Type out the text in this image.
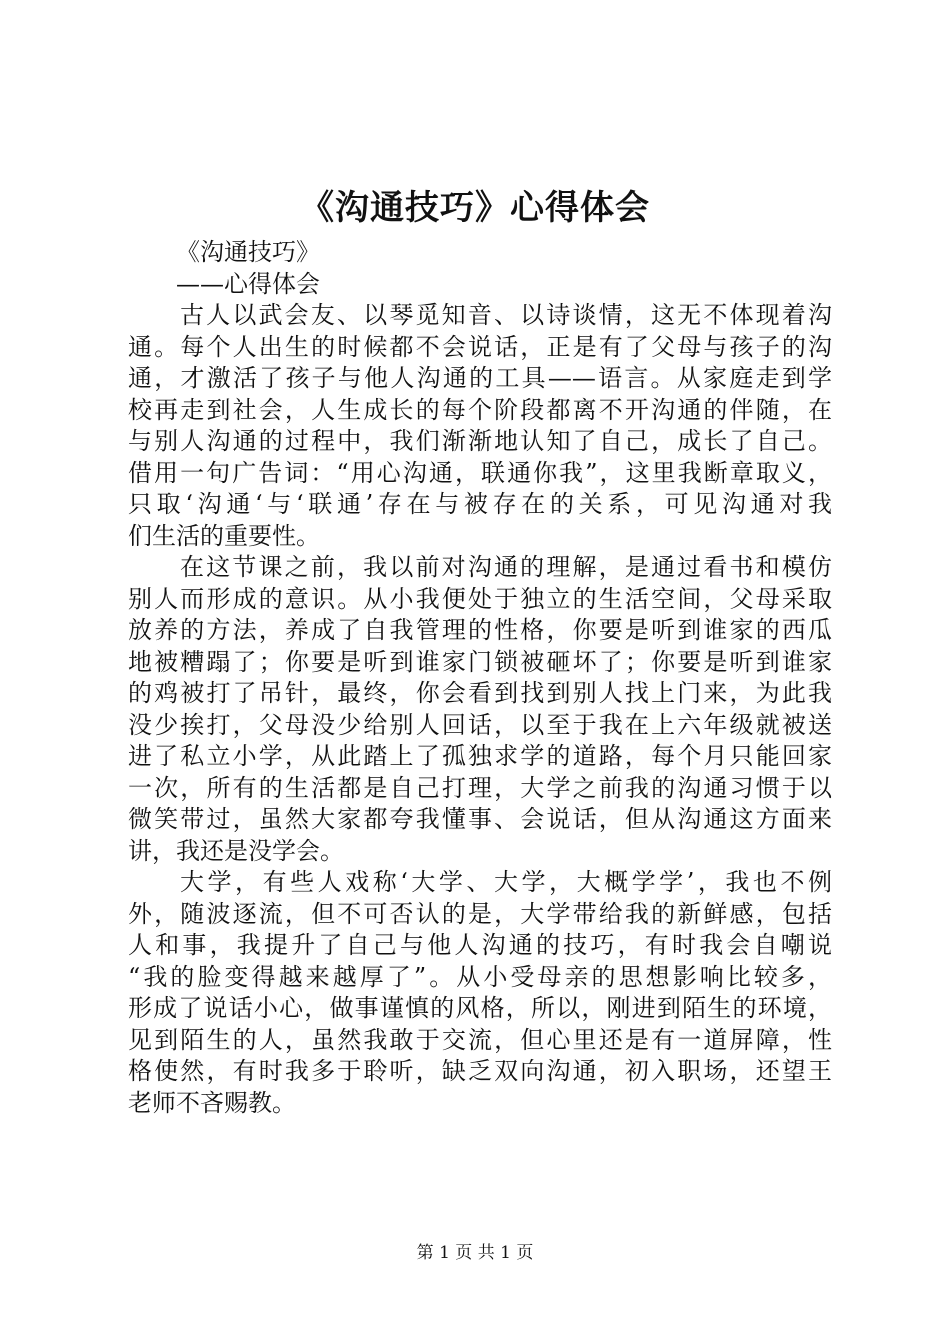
《沟通技巧》心得体会
《沟通技巧》
——心得体会
古人以武会友、以琴觅知音、以诗谈情，这无不体现着沟
通。每个人出生的时候都不会说话，正是有了父母与孩子的沟
通，才激活了孩子与他人沟通的工具——语言。从家庭走到学
校再走到社会，人生成长的每个阶段都离不开沟通的伴随，在
与别人沟通的过程中，我们渐渐地认知了自己，成长了自己。
借用一句广告词：“用心沟通，联通你我”，这里我断章取义，
只取‘沟通‘与‘联通’存在与被存在的关系，可见沟通对我
们生活的重要性。
在这节课之前，我以前对沟通的理解，是通过看书和模仿
别人而形成的意识。从小我便处于独立的生活空间，父母采取
放养的方法，养成了自我管理的性格，你要是听到谁家的西瓜
地被糟蹋了；你要是听到谁家门锁被砸坏了；你要是听到谁家
的鸡被打了吊针，最终，你会看到找到别人找上门来，为此我
没少挨打，父母没少给别人回话，以至于我在上六年级就被送
进了私立小学，从此踏上了孤独求学的道路，每个月只能回家
一次，所有的生活都是自己打理，大学之前我的沟通习惯于以
微笑带过，虽然大家都夸我懂事、会说话，但从沟通这方面来
讲，我还是没学会。
大学，有些人戏称‘大学、大学，大概学学’，我也不例
外，随波逐流，但不可否认的是，大学带给我的新鲜感，包括
人和事，我提升了自己与他人沟通的技巧，有时我会自嘲说
“我的脸变得越来越厚了”。从小受母亲的思想影响比较多，
形成了说话小心，做事谨慎的风格，所以，刚进到陌生的环境，
见到陌生的人，虽然我敢于交流，但心里还是有一道屏障，性
格使然，有时我多于聆听，缺乏双向沟通，初入职场，还望王
老师不吝赐教。
第 1 页 共 1 页
